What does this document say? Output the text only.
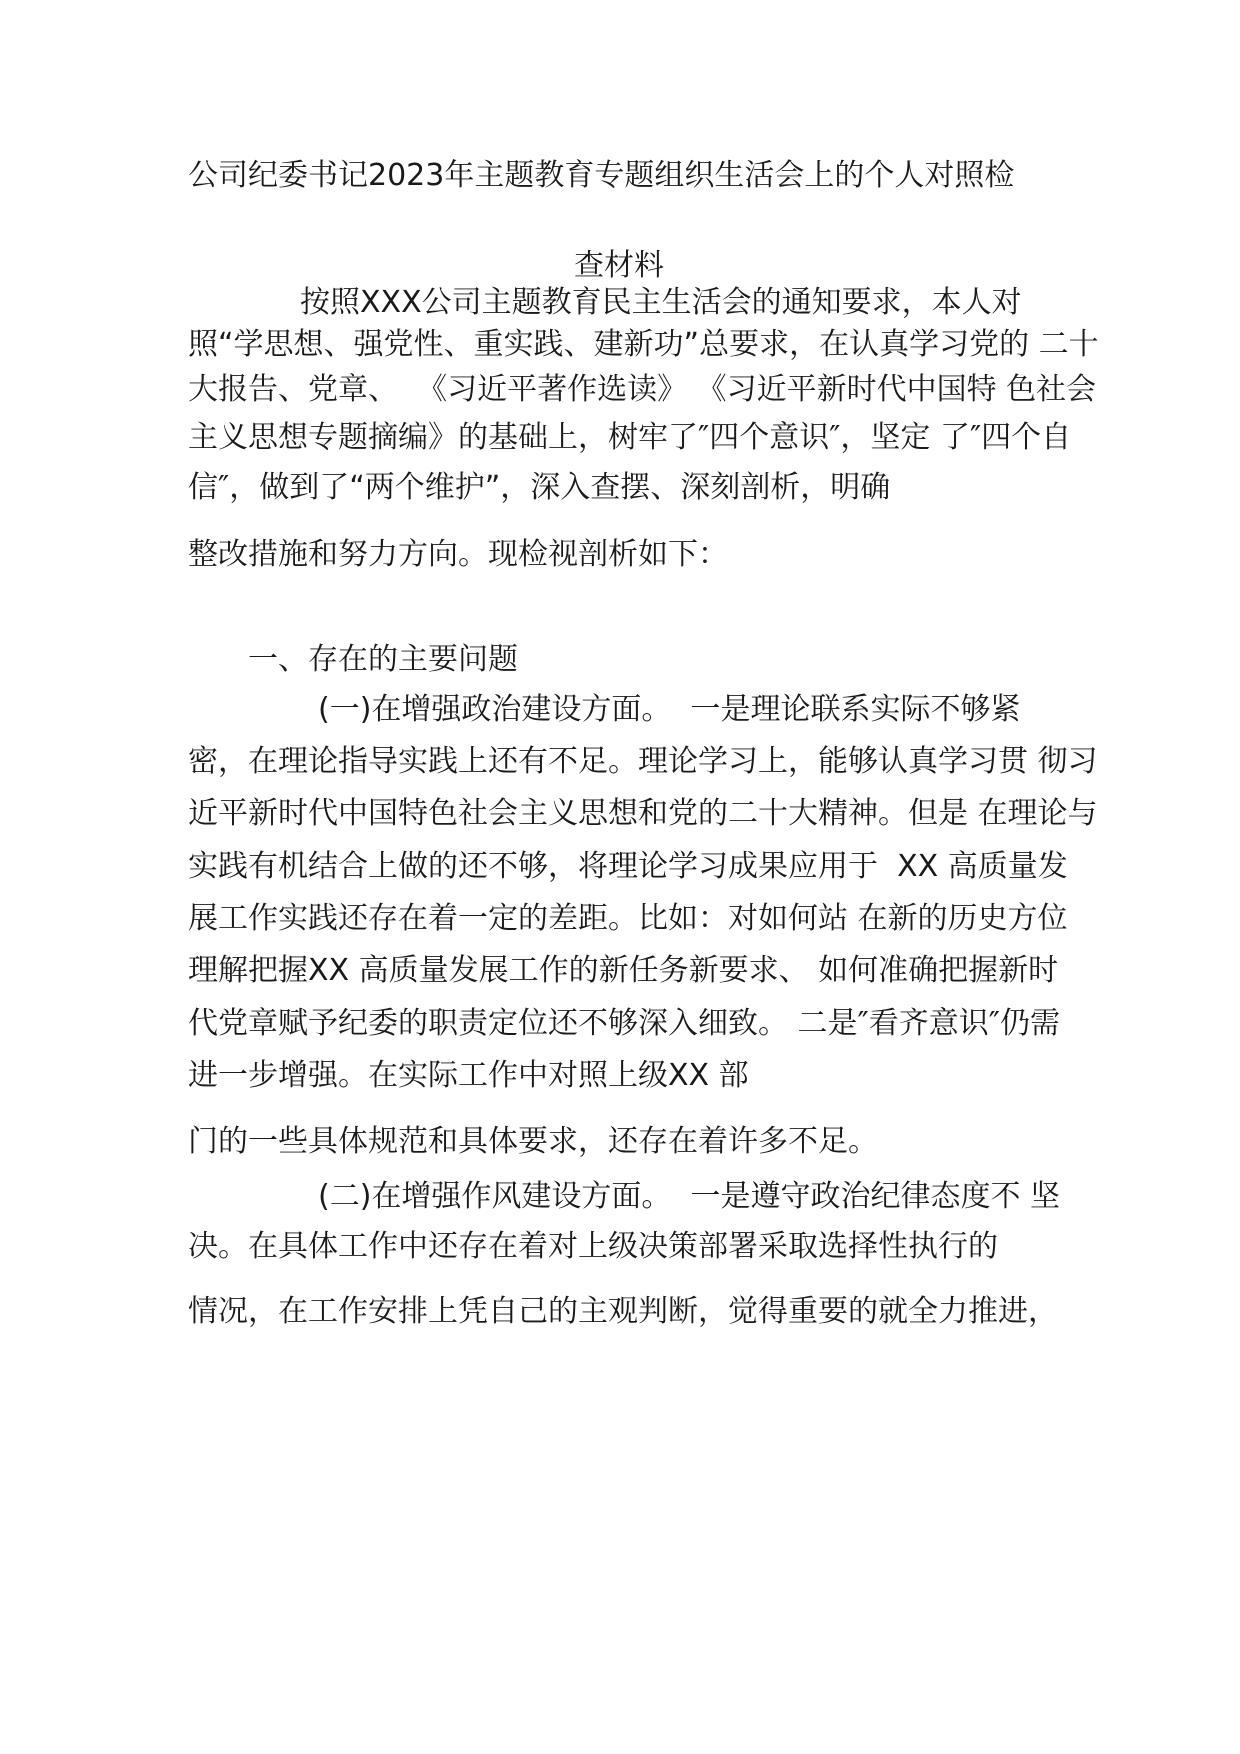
公司纪委书记2023年主题教育专题组织生活会上的个人对照检
查材料
按照XXX公司主题教育民主生活会的通知要求，本人对
照“学思想、强党性、重实践、建新功”总要求，在认真学习党的 二十
大报告、党章、  《习近平著作选读》 《习近平新时代中国特 色社会
主义思想专题摘编》的基础上，树牢了″四个意识″，坚定 了″四个自
信″，做到了“两个维护”，深入查摆、深刻剖析，明确
整改措施和努力方向。现检视剖析如下：
一、存在的主要问题
(一)在增强政治建设方面。  一是理论联系实际不够紧
密，在理论指导实践上还有不足。理论学习上，能够认真学习贯 彻习
近平新时代中国特色社会主义思想和党的二十大精神。但是 在理论与
实践有机结合上做的还不够，将理论学习成果应用于  XX 高质量发
展工作实践还存在着一定的差距。比如：对如何站 在新的历史方位
理解把握XX 高质量发展工作的新任务新要求、 如何准确把握新时
代党章赋予纪委的职责定位还不够深入细致。 二是″看齐意识″仍需
进一步增强。在实际工作中对照上级XX 部
门的一些具体规范和具体要求，还存在着许多不足。
(二)在增强作风建设方面。  一是遵守政治纪律态度不 坚
决。在具体工作中还存在着对上级决策部署采取选择性执行的
情况，在工作安排上凭自己的主观判断，觉得重要的就全力推进，
